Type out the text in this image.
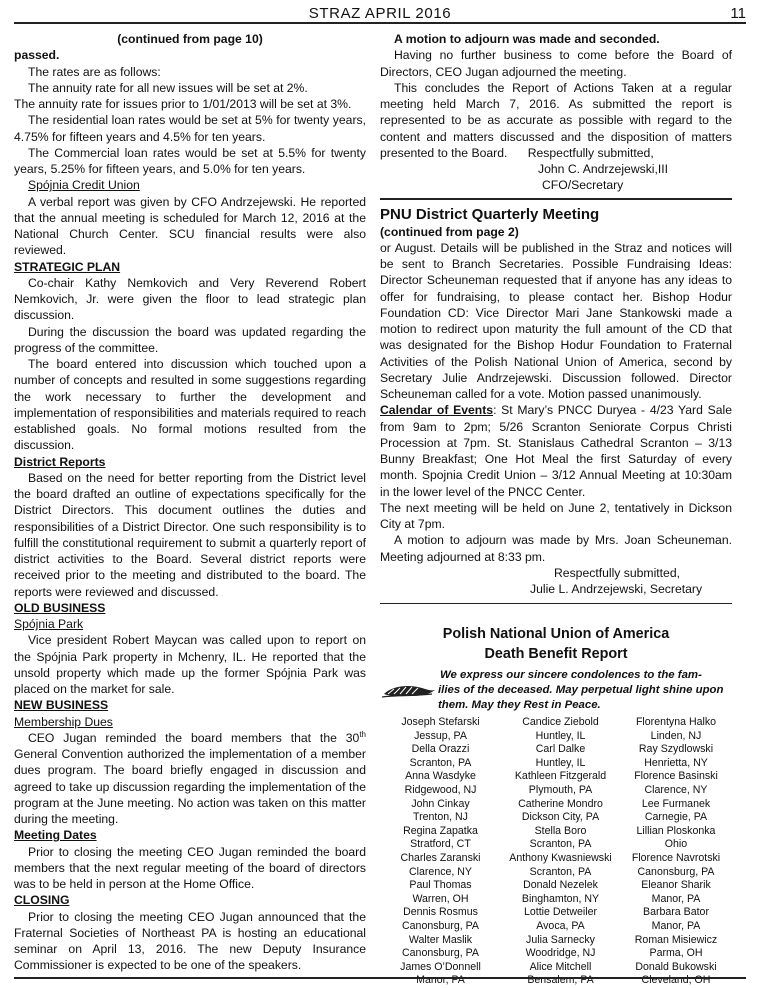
STRAZ APRIL 2016	11

(continued from page 10)

passed.

The rates are as follows:

The annuity rate for all new issues will be set at 2%.

The annuity rate for issues prior to 1/01/2013 will be set at 3%.

The residential loan rates would be set at 5% for twenty years, 4.75% for fifteen years and 4.5% for ten years.

The Commercial loan rates would be set at 5.5% for twenty years, 5.25% for fifteen years, and 5.0% for ten years.

Spójnia Credit Union

A verbal report was given by CFO Andrzejewski. He reported that the annual meeting is scheduled for March 12, 2016 at the National Church Center. SCU financial results were also reviewed.

STRATEGIC PLAN

Co-chair Kathy Nemkovich and Very Reverend Robert Nemkovich, Jr. were given the floor to lead strategic plan discussion.

During the discussion the board was updated regarding the progress of the committee.

The board entered into discussion which touched upon a number of concepts and resulted in some suggestions regarding the work necessary to further the development and implementation of responsibilities and materials required to reach established goals. No formal motions resulted from the discussion.

District Reports

Based on the need for better reporting from the District level the board drafted an outline of expectations specifically for the District Directors. This document outlines the duties and responsibilities of a District Director. One such responsibility is to fulfill the constitutional requirement to submit a quarterly report of district activities to the Board. Several district reports were received prior to the meeting and distributed to the board. The reports were reviewed and discussed.

OLD BUSINESS

Spójnia Park

Vice president Robert Maycan was called upon to report on the Spójnia Park property in Mchenry, IL. He reported that the unsold property which made up the former Spójnia Park was placed on the market for sale.

NEW BUSINESS

Membership Dues

CEO Jugan reminded the board members that the 30th General Convention authorized the implementation of a member dues program. The board briefly engaged in discussion and agreed to take up discussion regarding the implementation of the program at the June meeting. No action was taken on this matter during the meeting.

Meeting Dates

Prior to closing the meeting CEO Jugan reminded the board members that the next regular meeting of the board of directors was to be held in person at the Home Office.

CLOSING

Prior to closing the meeting CEO Jugan announced that the Fraternal Societies of Northeast PA is hosting an educational seminar on April 13, 2016. The new Deputy Insurance Commissioner is expected to be one of the speakers.

A motion to adjourn was made and seconded.

Having no further business to come before the Board of Directors, CEO Jugan adjourned the meeting.

This concludes the Report of Actions Taken at a regular meeting held March 7, 2016. As submitted the report is represented to be as accurate as possible with regard to the content and matters discussed and the disposition of matters presented to the Board. Respectfully submitted,

John C. Andrzejewski,III

CFO/Secretary

PNU District Quarterly Meeting

(continued from page 2)

or August. Details will be published in the Straz and notices will be sent to Branch Secretaries. Possible Fundraising Ideas: Director Scheuneman requested that if anyone has any ideas to offer for fundraising, to please contact her. Bishop Hodur Foundation CD: Vice Director Mari Jane Stankowski made a motion to redirect upon maturity the full amount of the CD that was designated for the Bishop Hodur Foundation to Fraternal Activities of the Polish National Union of America, second by Secretary Julie Andrzejewski. Discussion followed. Director Scheuneman called for a vote. Motion passed unanimously.

Calendar of Events: St Mary’s PNCC Duryea - 4/23 Yard Sale from 9am to 2pm; 5/26 Scranton Seniorate Corpus Christi Procession at 7pm. St. Stanislaus Cathedral Scranton – 3/13 Bunny Breakfast; One Hot Meal the first Saturday of every month. Spojnia Credit Union – 3/12 Annual Meeting at 10:30am in the lower level of the PNCC Center.

The next meeting will be held on June 2, tentatively in Dickson City at 7pm.

A motion to adjourn was made by Mrs. Joan Scheuneman. Meeting adjourned at 8:33 pm.

Respectfully submitted,

Julie L. Andrzejewski, Secretary

Polish National Union of America

Death Benefit Report

We express our sincere condolences to the fam-

ilies of the deceased. May perpetual light shine upon

them. May they Rest in Peace.

Joseph Stefarski
Jessup, PA
Della Orazzi
Scranton, PA
Anna Wasdyke
Ridgewood, NJ
John Cinkay
Trenton, NJ
Regina Zapatka
Stratford, CT
Charles Zaranski
Clarence, NY
Paul Thomas
Warren, OH
Dennis Rosmus
Canonsburg, PA
Walter Maslik
Canonsburg, PA
James O’Donnell
Manor, PA
Candice Ziebold
Huntley, IL
Carl Dalke
Huntley, IL
Kathleen Fitzgerald
Plymouth, PA
Catherine Mondro
Dickson City, PA
Stella Boro
Scranton, PA
Anthony Kwasniewski
Scranton, PA
Donald Nezelek
Binghamton, NY
Lottie Detweiler
Avoca, PA
Julia Sarnecky
Woodridge, NJ
Alice Mitchell
Bensalem, PA
Florentyna Halko
Linden, NJ
Ray Szydlowski
Henrietta, NY
Florence Basinski
Clarence, NY
Lee Furmanek
Carnegie, PA
Lillian Ploskonka
Ohio
Florence Navrotski
Canonsburg, PA
Eleanor Sharik
Manor, PA
Barbara Bator
Manor, PA
Roman Misiewicz
Parma, OH
Donald Bukowski
Cleveland, OH
